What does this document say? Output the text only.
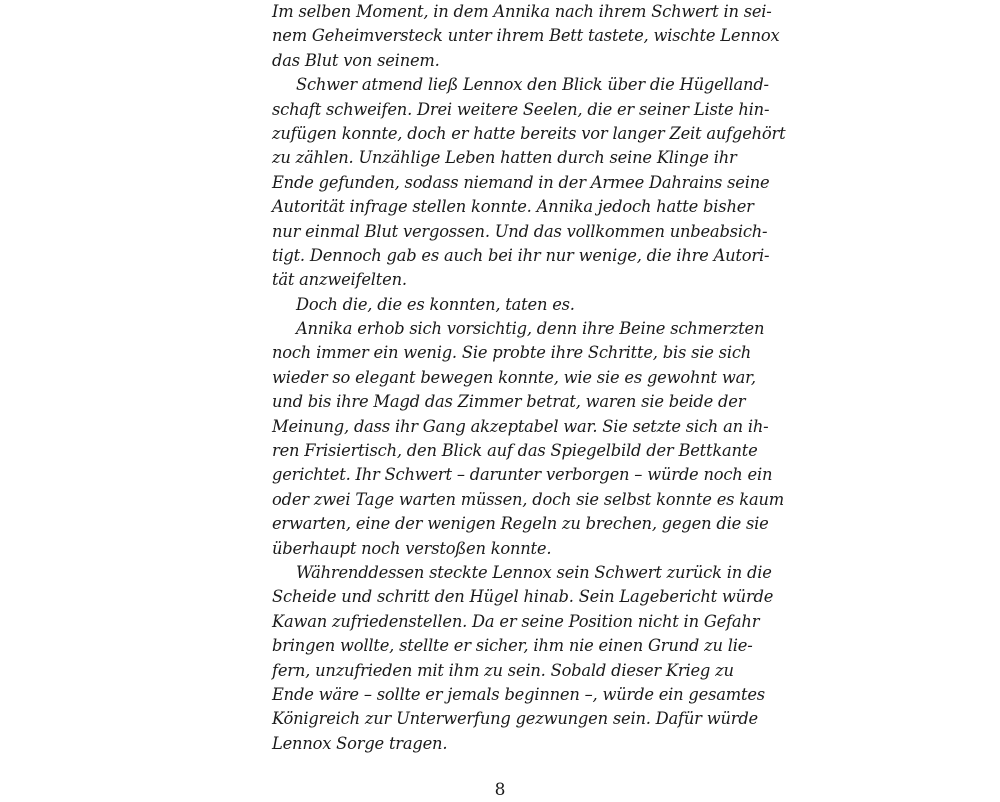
Im selben Moment, in dem Annika nach ihrem Schwert in sei-
nem Geheimversteck unter ihrem Bett tastete, wischte Lennox
das Blut von seinem.
Schwer atmend ließ Lennox den Blick über die Hügelland-
schaft schweifen. Drei weitere Seelen, die er seiner Liste hin-
zufügen konnte, doch er hatte bereits vor langer Zeit aufgehört
zu zählen. Unzählige Leben hatten durch seine Klinge ihr
Ende gefunden, sodass niemand in der Armee Dahrains seine
Autorität infrage stellen konnte. Annika jedoch hatte bisher
nur einmal Blut vergossen. Und das vollkommen unbeabsich-
tigt. Dennoch gab es auch bei ihr nur wenige, die ihre Autori-
tät anzweifelten.
Doch die, die es konnten, taten es.
Annika erhob sich vorsichtig, denn ihre Beine schmerzten
noch immer ein wenig. Sie probte ihre Schritte, bis sie sich
wieder so elegant bewegen konnte, wie sie es gewohnt war,
und bis ihre Magd das Zimmer betrat, waren sie beide der
Meinung, dass ihr Gang akzeptabel war. Sie setzte sich an ih-
ren Frisiertisch, den Blick auf das Spiegelbild der Bettkante
gerichtet. Ihr Schwert – darunter verborgen – würde noch ein
oder zwei Tage warten müssen, doch sie selbst konnte es kaum
erwarten, eine der wenigen Regeln zu brechen, gegen die sie
überhaupt noch verstoßen konnte.
Währenddessen steckte Lennox sein Schwert zurück in die
Scheide und schritt den Hügel hinab. Sein Lagebericht würde
Kawan zufriedenstellen. Da er seine Position nicht in Gefahr
bringen wollte, stellte er sicher, ihm nie einen Grund zu lie-
fern, unzufrieden mit ihm zu sein. Sobald dieser Krieg zu
Ende wäre – sollte er jemals beginnen –, würde ein gesamtes
Königreich zur Unterwerfung gezwungen sein. Dafür würde
Lennox Sorge tragen.
8
